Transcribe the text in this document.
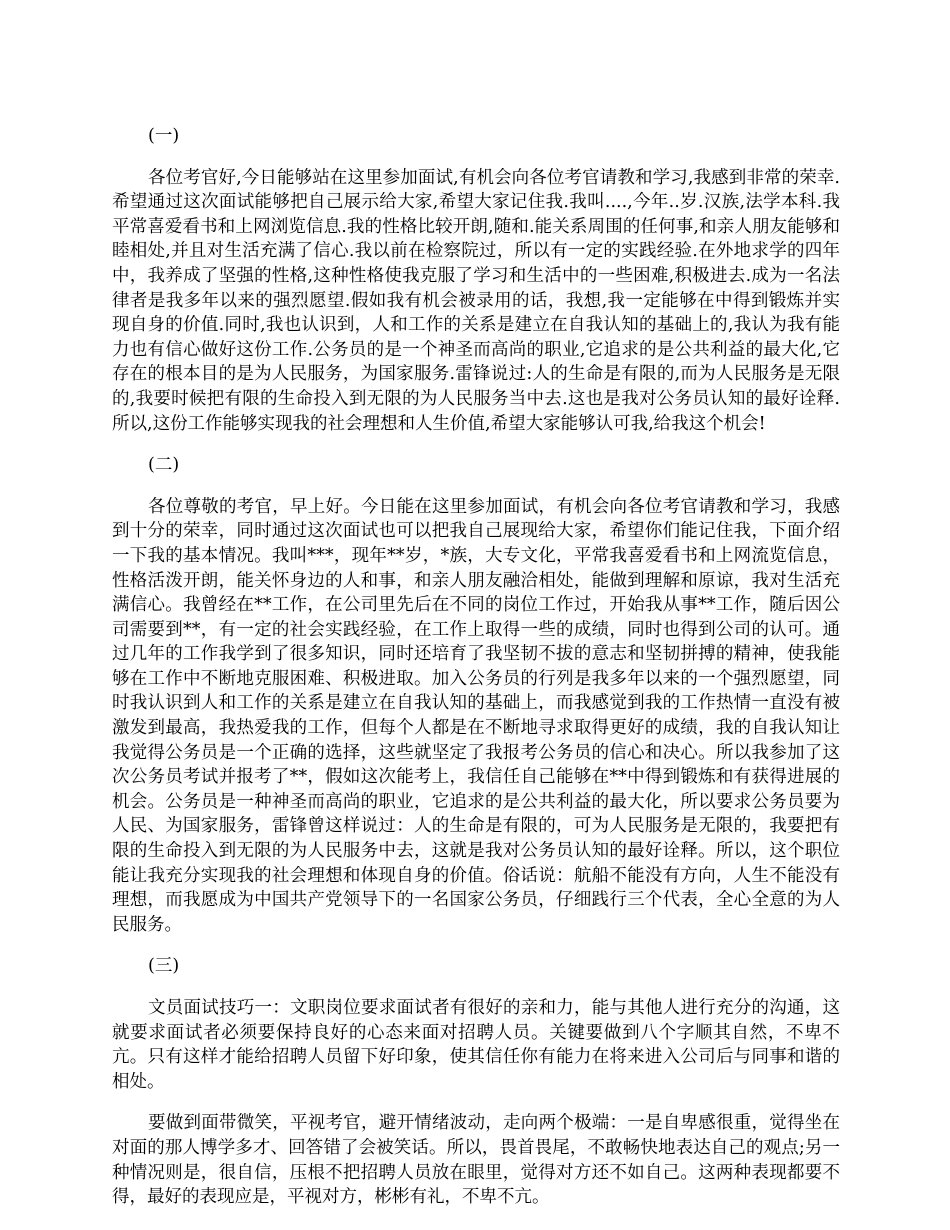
(一)

各位考官好,今日能够站在这里参加面试,有机会向各位考官请教和学习,我感到非常的荣幸.希望通过这次面试能够把自己展示给大家,希望大家记住我.我叫....,今年..岁.汉族,法学本科.我平常喜爱看书和上网浏览信息.我的性格比较开朗,随和.能关系周围的任何事,和亲人朋友能够和睦相处,并且对生活充满了信心.我以前在检察院过，所以有一定的实践经验.在外地求学的四年中，我养成了坚强的性格,这种性格使我克服了学习和生活中的一些困难,积极进去.成为一名法律者是我多年以来的强烈愿望.假如我有机会被录用的话，我想,我一定能够在中得到锻炼并实现自身的价值.同时,我也认识到，人和工作的关系是建立在自我认知的基础上的,我认为我有能力也有信心做好这份工作.公务员的是一个神圣而高尚的职业,它追求的是公共利益的最大化,它存在的根本目的是为人民服务，为国家服务.雷锋说过:人的生命是有限的,而为人民服务是无限的,我要时候把有限的生命投入到无限的为人民服务当中去.这也是我对公务员认知的最好诠释.所以,这份工作能够实现我的社会理想和人生价值,希望大家能够认可我,给我这个机会!

(二)

各位尊敬的考官，早上好。今日能在这里参加面试，有机会向各位考官请教和学习，我感到十分的荣幸，同时通过这次面试也可以把我自己展现给大家，希望你们能记住我，下面介绍一下我的基本情况。我叫***，现年**岁，*族，大专文化，平常我喜爱看书和上网流览信息，性格活泼开朗，能关怀身边的人和事，和亲人朋友融洽相处，能做到理解和原谅，我对生活充满信心。我曾经在**工作，在公司里先后在不同的岗位工作过，开始我从事**工作，随后因公司需要到**，有一定的社会实践经验，在工作上取得一些的成绩，同时也得到公司的认可。通过几年的工作我学到了很多知识，同时还培育了我坚韧不拔的意志和坚韧拼搏的精神，使我能够在工作中不断地克服困难、积极进取。加入公务员的行列是我多年以来的一个强烈愿望，同时我认识到人和工作的关系是建立在自我认知的基础上，而我感觉到我的工作热情一直没有被激发到最高，我热爱我的工作，但每个人都是在不断地寻求取得更好的成绩，我的自我认知让我觉得公务员是一个正确的选择，这些就坚定了我报考公务员的信心和决心。所以我参加了这次公务员考试并报考了**，假如这次能考上，我信任自己能够在**中得到锻炼和有获得进展的机会。公务员是一种神圣而高尚的职业，它追求的是公共利益的最大化，所以要求公务员要为人民、为国家服务，雷锋曾这样说过：人的生命是有限的，可为人民服务是无限的，我要把有限的生命投入到无限的为人民服务中去，这就是我对公务员认知的最好诠释。所以，这个职位能让我充分实现我的社会理想和体现自身的价值。俗话说：航船不能没有方向，人生不能没有理想，而我愿成为中国共产党领导下的一名国家公务员，仔细践行三个代表，全心全意的为人民服务。

(三)

文员面试技巧一：文职岗位要求面试者有很好的亲和力，能与其他人进行充分的沟通，这就要求面试者必须要保持良好的心态来面对招聘人员。关键要做到八个字顺其自然，不卑不亢。只有这样才能给招聘人员留下好印象，使其信任你有能力在将来进入公司后与同事和谐的相处。

要做到面带微笑，平视考官，避开情绪波动，走向两个极端：一是自卑感很重，觉得坐在对面的那人博学多才、回答错了会被笑话。所以，畏首畏尾，不敢畅快地表达自己的观点;另一种情况则是，很自信，压根不把招聘人员放在眼里，觉得对方还不如自己。这两种表现都要不得，最好的表现应是，平视对方，彬彬有礼，不卑不亢。
